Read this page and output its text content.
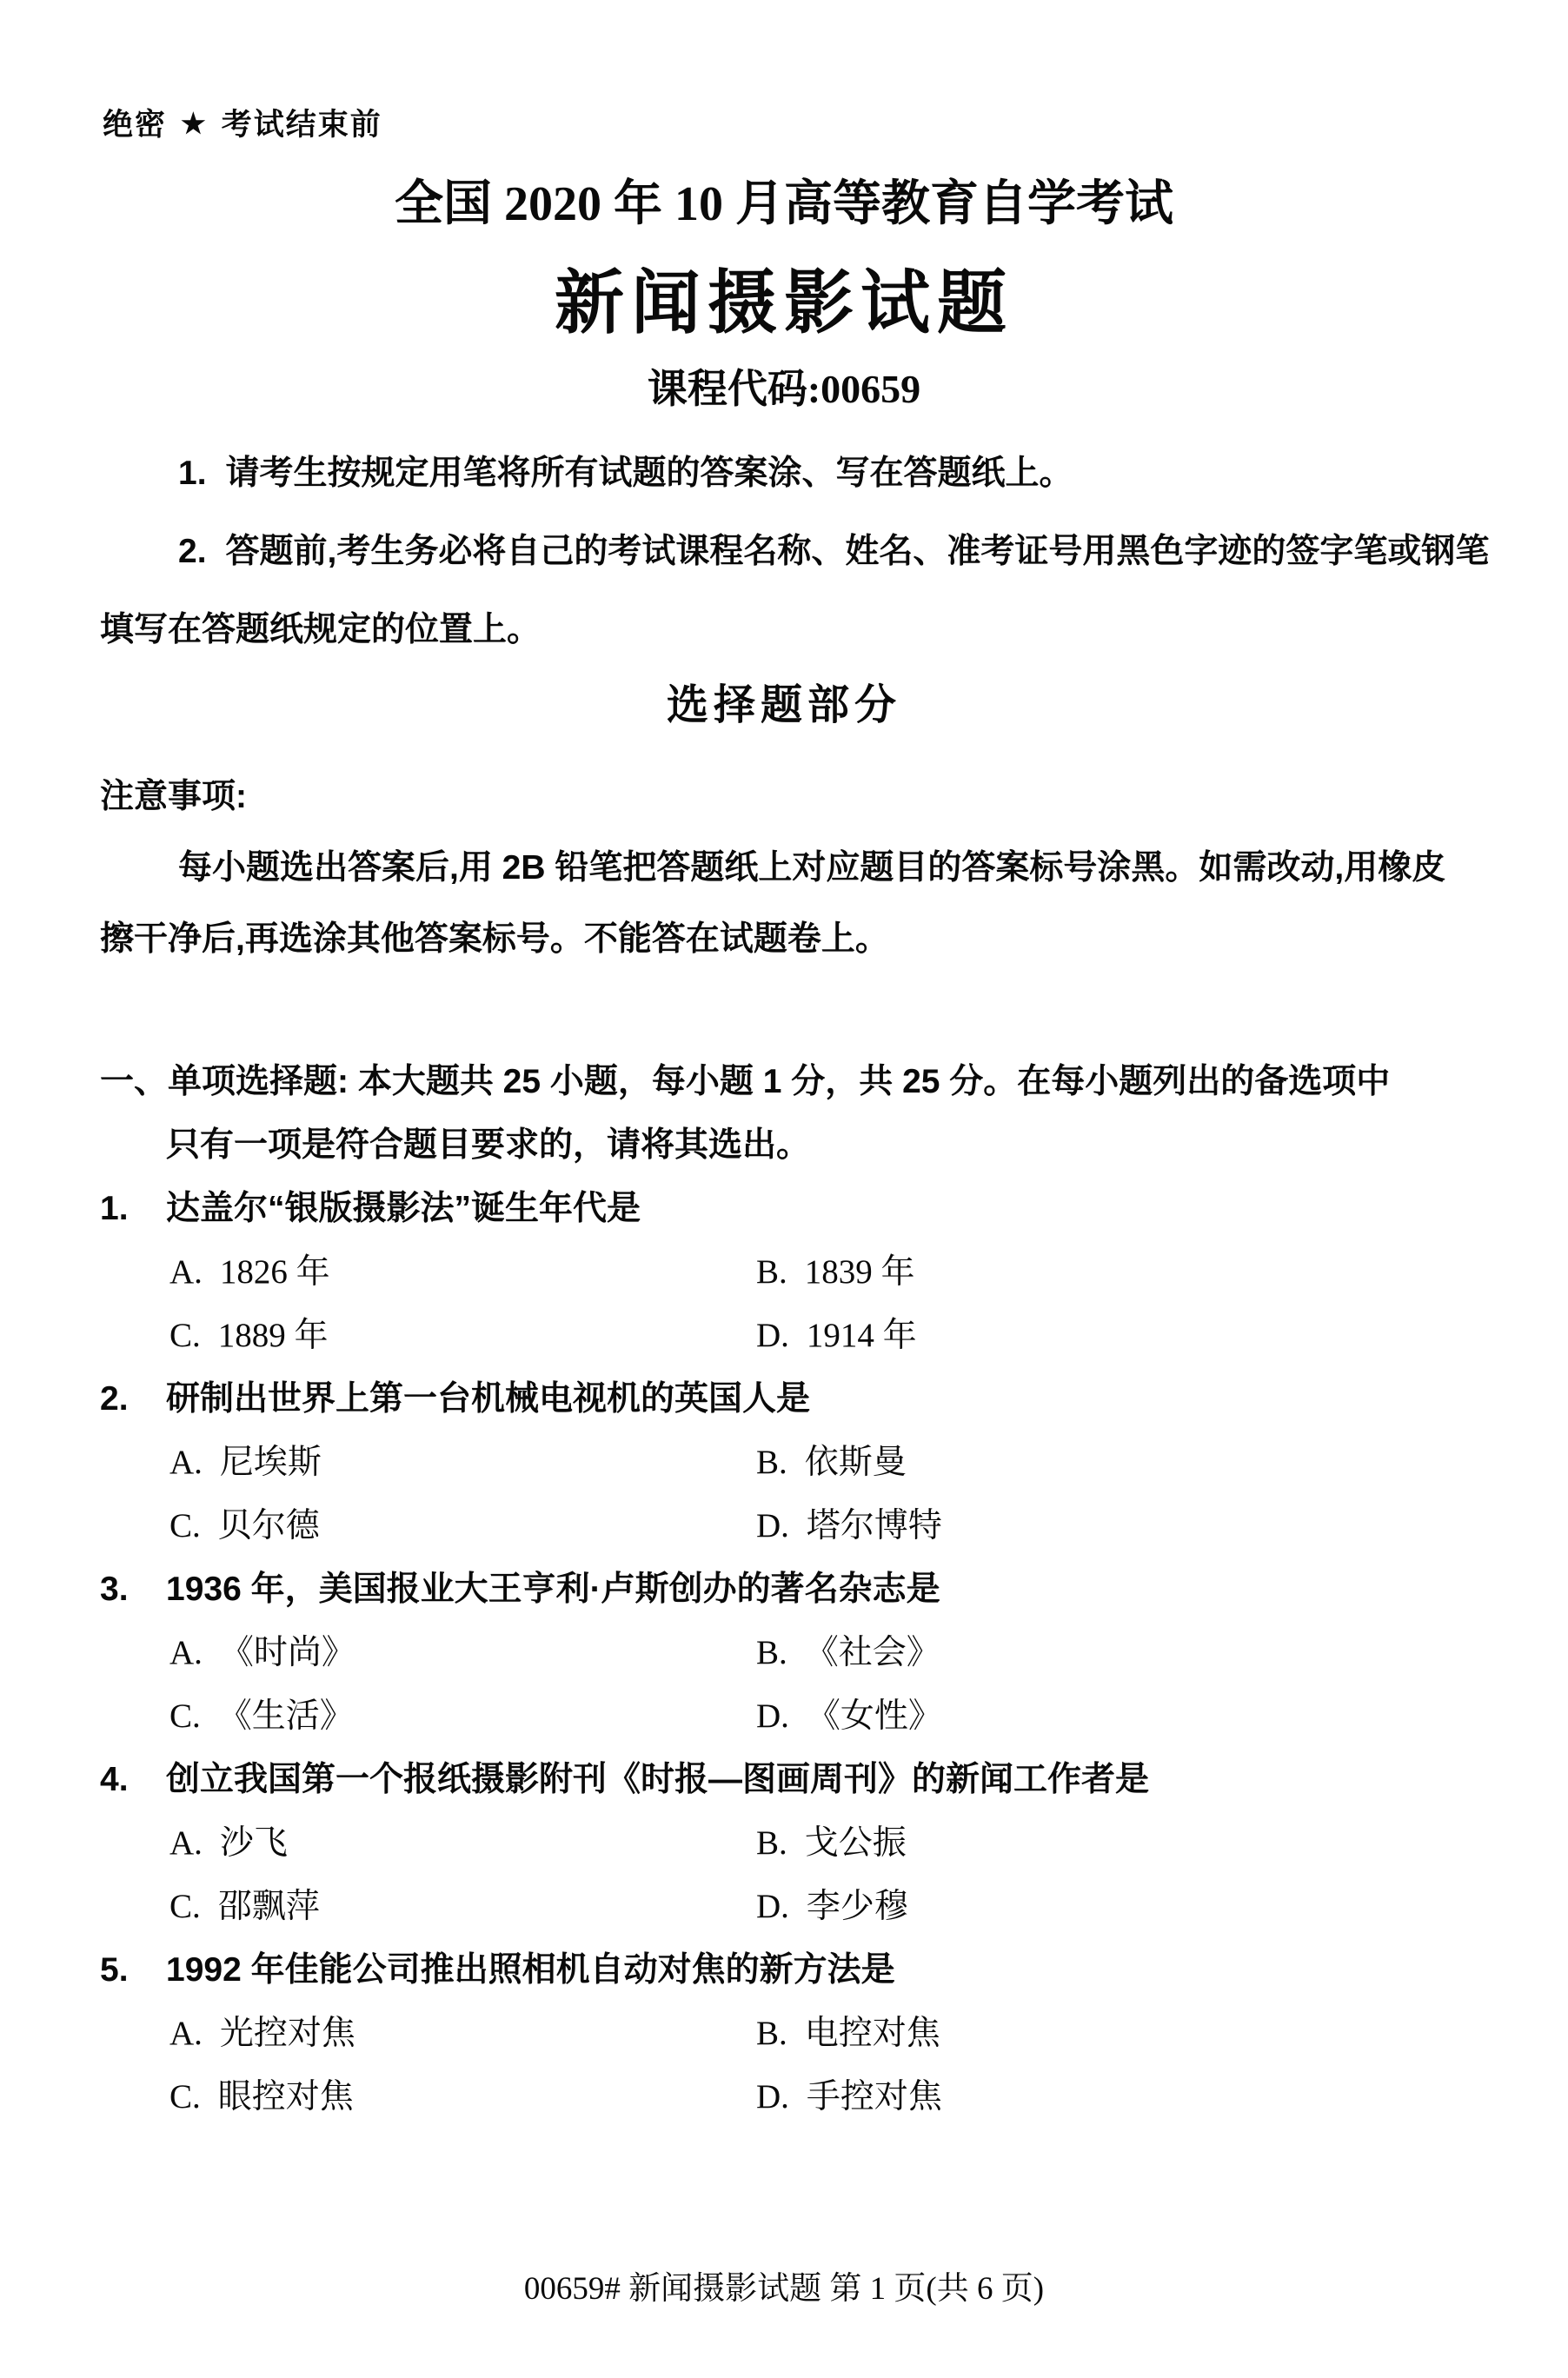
绝密 ★ 考试结束前
全国 2020 年 10 月高等教育自学考试
新闻摄影试题
课程代码:00659
1. 请考生按规定用笔将所有试题的答案涂、写在答题纸上。
2. 答题前,考生务必将自己的考试课程名称、姓名、准考证号用黑色字迹的签字笔或钢笔
填写在答题纸规定的位置上。
选择题部分
注意事项:
每小题选出答案后,用 2B 铅笔把答题纸上对应题目的答案标号涂黑。如需改动,用橡皮
擦干净后,再选涂其他答案标号。不能答在试题卷上。
一、单项选择题: 本大题共 25 小题，每小题 1 分，共 25 分。在每小题列出的备选项中
只有一项是符合题目要求的，请将其选出。
1.	达盖尔“银版摄影法”诞生年代是
A. 1826 年	B. 1839 年
C. 1889 年	D. 1914 年
2.	研制出世界上第一台机械电视机的英国人是
A. 尼埃斯	B. 依斯曼
C. 贝尔德	D. 塔尔博特
3.	1936 年，美国报业大王亨利·卢斯创办的著名杂志是
A. 《时尚》	B. 《社会》
C. 《生活》	D. 《女性》
4.	创立我国第一个报纸摄影附刊《时报—图画周刊》的新闻工作者是
A. 沙飞	B. 戈公振
C. 邵飘萍	D. 李少穆
5.	1992 年佳能公司推出照相机自动对焦的新方法是
A. 光控对焦	B. 电控对焦
C. 眼控对焦	D. 手控对焦
00659# 新闻摄影试题 第 1 页(共 6 页)
